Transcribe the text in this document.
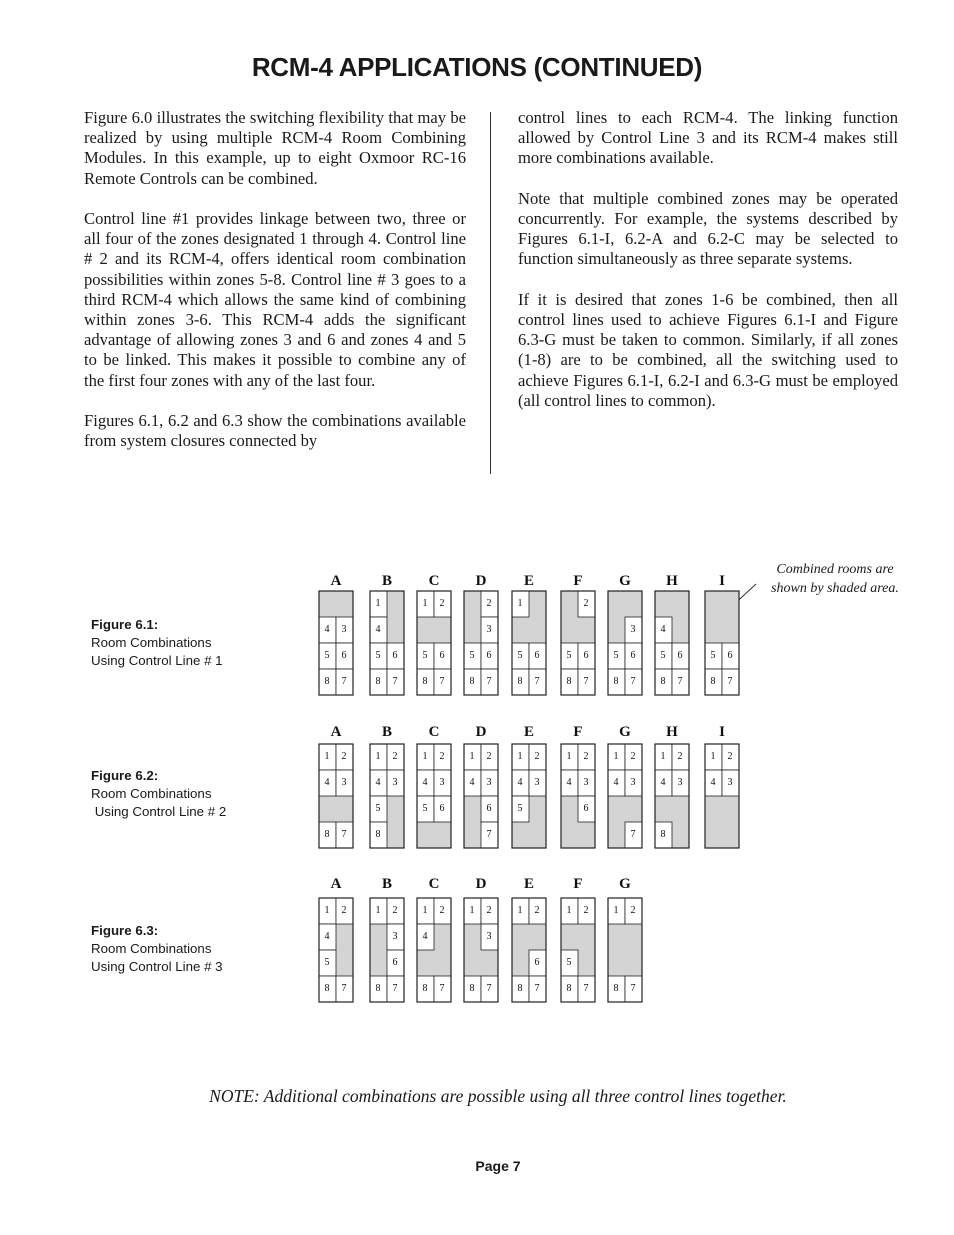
RCM-4 APPLICATIONS (CONTINUED)

Figure 6.0 illustrates the switching flexibility that may be realized by using multiple RCM-4 Room Combining Modules. In this example, up to eight Oxmoor RC-16 Remote Controls can be combined.

Control line #1 provides linkage between two, three or all four of the zones designated 1 through 4. Control line # 2 and its RCM-4, offers identical room combination possibilities within zones 5-8. Control line # 3 goes to a third RCM-4 which allows the same kind of combining within zones 3-6. This RCM-4 adds the significant advantage of allowing zones 3 and 6 and zones 4 and 5 to be linked. This makes it possible to combine any of the first four zones with any of the last four.

Figures 6.1, 6.2 and 6.3 show the combinations available from system closures connected by

control lines to each RCM-4. The linking function allowed by Control Line 3 and its RCM-4 makes still more combinations available.

Note that multiple combined zones may be operated concurrently. For example, the systems described by Figures 6.1-I, 6.2-A and 6.2-C may be selected to function simultaneously as three separate systems.

If it is desired that zones 1-6 be combined, then all control lines used to achieve Figures 6.1-I and Figure 6.3-G must be taken to common. Similarly, if all zones (1-8) are to be combined, all the switching used to achieve Figures 6.1-I, 6.2-I and 6.3-G must be employed (all control lines to common).

Figure 6.1:
Room Combinations
Using Control Line # 1
Figure 6.2:
Room Combinations
Using Control Line # 2
Figure 6.3:
Room Combinations
Using Control Line # 3
Combined rooms are shown by shaded area.
A
4 3
5 6
8 7
B
1
4
5 6
8 7
C
1 2
5 6
8 7
D
2
3
5 6
8 7
E
1
5 6
8 7
F
2
5 6
8 7
G
3
5 6
8 7
H
4
5 6
8 7
I
5 6
8 7
A
1 2
4 3
8 7
B
1 2
4 3
5
8
C
1 2
4 3
5 6
D
1 2
4 3
6
7
E
1 2
4 3
5
F
1 2
4 3
6
G
1 2
4 3
7
H
1 2
4 3
8
I
1 2
4 3
A
1 2
4
5
8 7
B
1 2
3
6
8 7
C
1 2
4
8 7
D
1 2
3
8 7
E
1 2
6
8 7
F
1 2
5
8 7
G
1 2
8 7
NOTE: Additional combinations are possible using all three control lines together.
Page 7
